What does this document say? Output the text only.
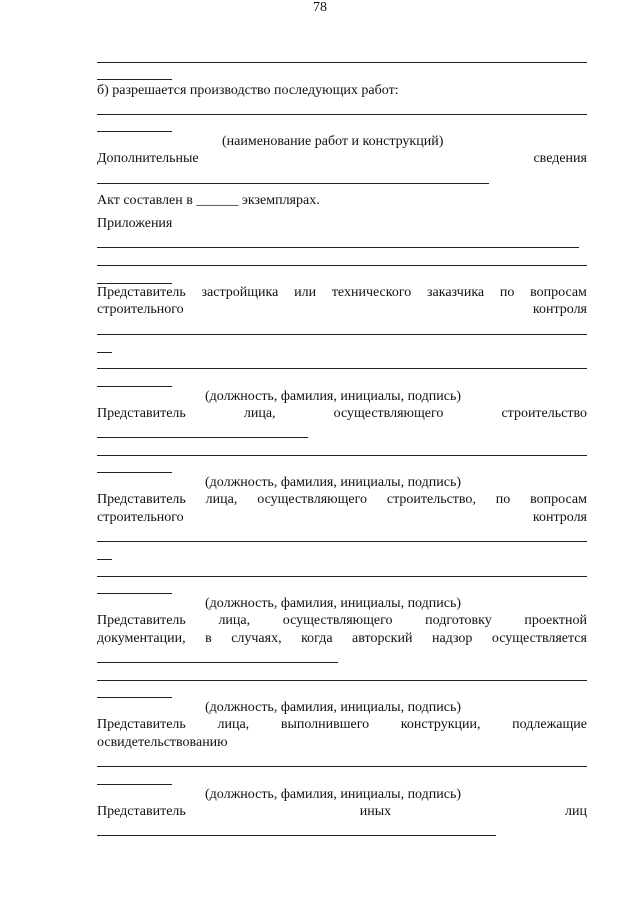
78
б) разрешается производство последующих работ:
(наименование работ и конструкций)
Дополнительные	сведения
Акт составлен в ______ экземплярах.
Приложения
Представитель застройщика или технического заказчика по вопросам
строительного	контроля
(должность, фамилия, инициалы, подпись)
Представитель	лица,	осуществляющего	строительство
(должность, фамилия, инициалы, подпись)
Представитель лица, осуществляющего строительство, по вопросам
строительного	контроля
(должность, фамилия, инициалы, подпись)
Представитель лица, осуществляющего подготовку проектной
документации, в случаях, когда авторский надзор осуществляется
(должность, фамилия, инициалы, подпись)
Представитель лица, выполнившего конструкции, подлежащие
освидетельствованию
(должность, фамилия, инициалы, подпись)
Представитель	иных	лиц
